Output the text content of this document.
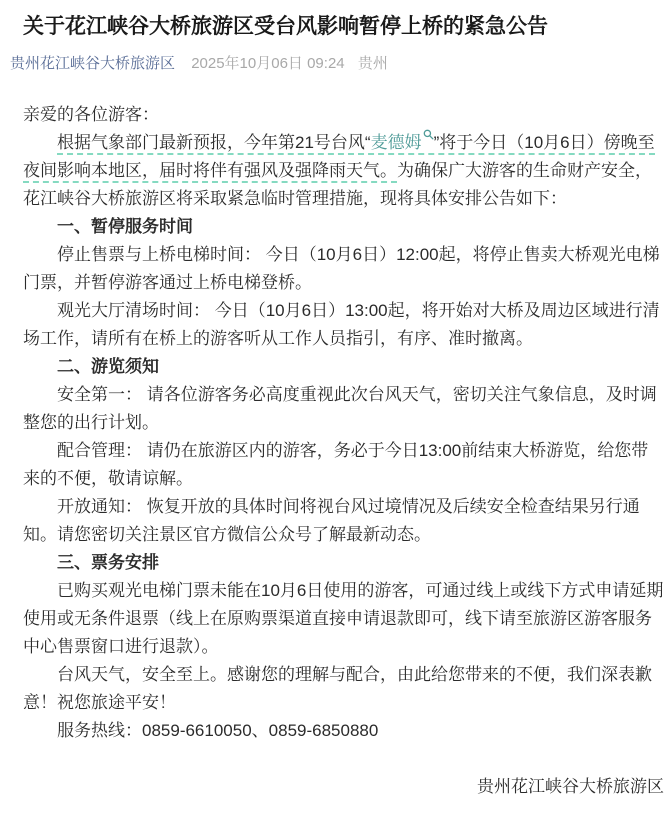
关于花江峡谷大桥旅游区受台风影响暂停上桥的紧急公告
贵州花江峡谷大桥旅游区 2025年10月06日 09:24 贵州

亲爱的各位游客：

根据气象部门最新预报，今年第21号台风“麦德姆 ”将于今日（10月6日）傍晚至夜间影响本地区，届时将伴有强风及强降雨天气。为确保广大游客的生命财产安全，花江峡谷大桥旅游区将采取紧急临时管理措施，现将具体安排公告如下：

一、暂停服务时间

停止售票与上桥电梯时间： 今日（10月6日）12:00起，将停止售卖大桥观光电梯门票，并暂停游客通过上桥电梯登桥。

观光大厅清场时间： 今日（10月6日）13:00起，将开始对大桥及周边区域进行清场工作，请所有在桥上的游客听从工作人员指引，有序、准时撤离。

二、游览须知

安全第一： 请各位游客务必高度重视此次台风天气，密切关注气象信息，及时调整您的出行计划。

配合管理： 请仍在旅游区内的游客，务必于今日13:00前结束大桥游览，给您带来的不便，敬请谅解。

开放通知： 恢复开放的具体时间将视台风过境情况及后续安全检查结果另行通知。请您密切关注景区官方微信公众号了解最新动态。

三、票务安排

已购买观光电梯门票未能在10月6日使用的游客，可通过线上或线下方式申请延期使用或无条件退票（线上在原购票渠道直接申请退款即可，线下请至旅游区游客服务中心售票窗口进行退款）。

台风天气，安全至上。感谢您的理解与配合，由此给您带来的不便，我们深表歉意！祝您旅途平安！

服务热线：0859-6610050、0859-6850880

贵州花江峡谷大桥旅游区
